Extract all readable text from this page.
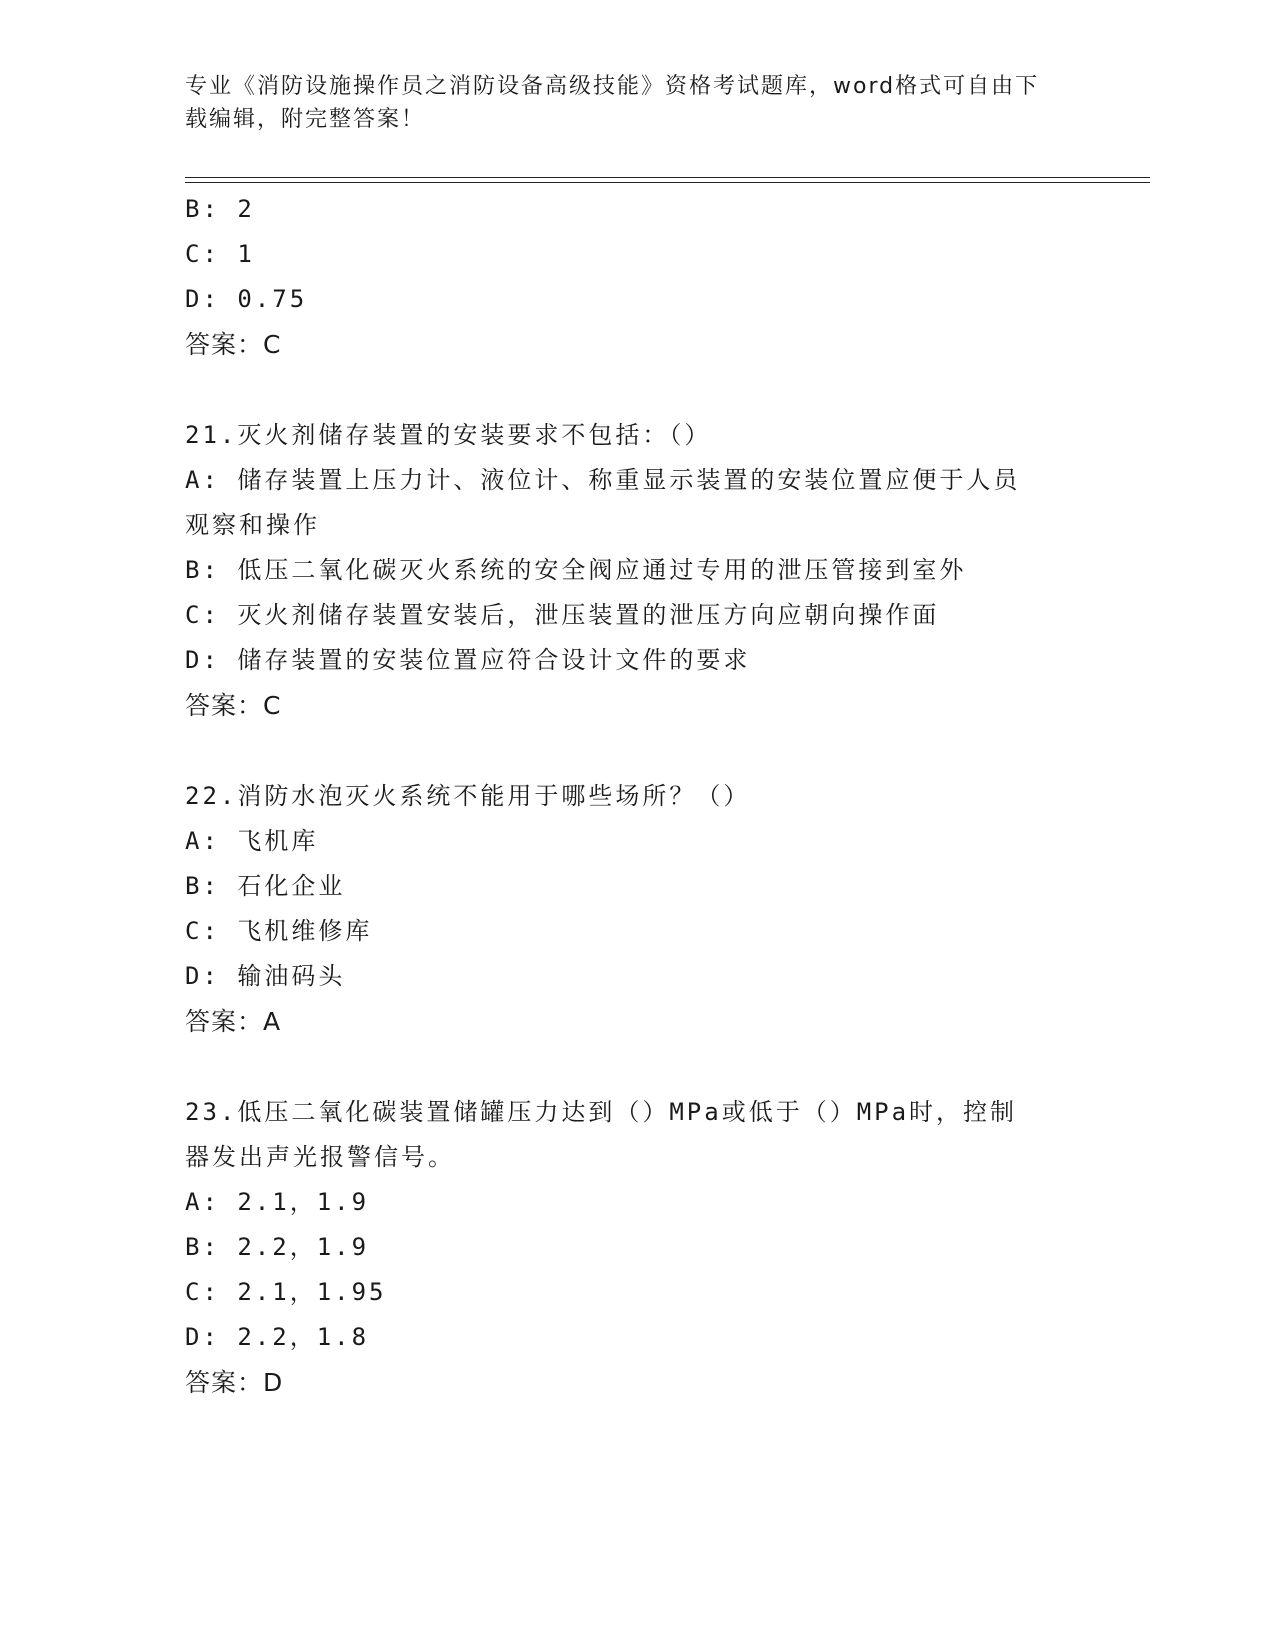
专业《消防设施操作员之消防设备高级技能》资格考试题库，word格式可自由下
载编辑，附完整答案！
B: 2
C: 1
D: 0.75
答案：C
21.灭火剂储存装置的安装要求不包括：（）
A: 储存装置上压力计、液位计、称重显示装置的安装位置应便于人员
观察和操作
B: 低压二氧化碳灭火系统的安全阀应通过专用的泄压管接到室外
C: 灭火剂储存装置安装后，泄压装置的泄压方向应朝向操作面
D: 储存装置的安装位置应符合设计文件的要求
答案：C
22.消防水泡灭火系统不能用于哪些场所？（）
A: 飞机库
B: 石化企业
C: 飞机维修库
D: 输油码头
答案：A
23.低压二氧化碳装置储罐压力达到（）MPa或低于（）MPa时，控制
器发出声光报警信号。
A: 2.1，1.9
B: 2.2，1.9
C: 2.1，1.95
D: 2.2，1.8
答案：D
